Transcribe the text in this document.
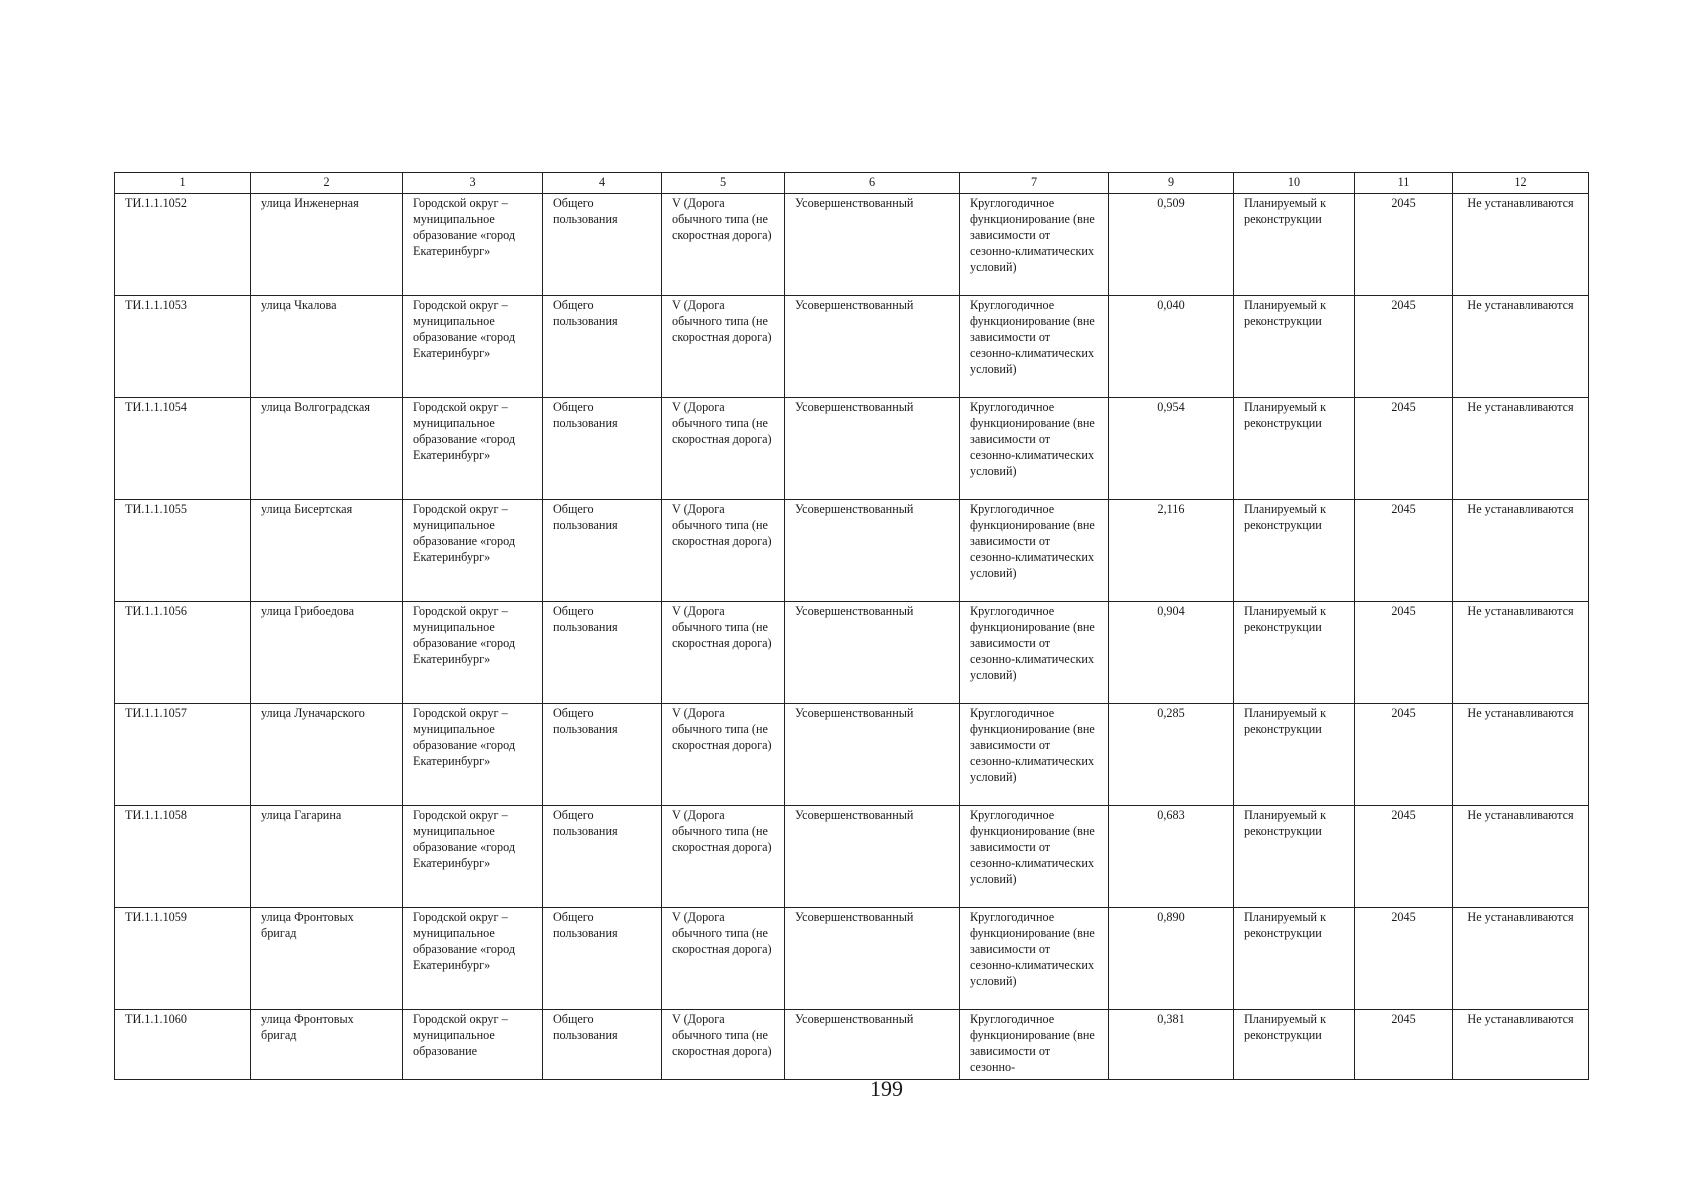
1	2	3	4	5	6	7	9	10	11	12
ТИ.1.1.1052	улица Инженерная	Городской округ – муниципальное образование «город Екатеринбург»	Общего пользования	V (Дорога обычного типа (не скоростная дорога)	Усовершенствованный	Круглогодичное функционирование (вне зависимости от сезонно-климатических условий)	0,509	Планируемый к реконструкции	2045	Не устанавливаются
ТИ.1.1.1053	улица Чкалова	Городской округ – муниципальное образование «город Екатеринбург»	Общего пользования	V (Дорога обычного типа (не скоростная дорога)	Усовершенствованный	Круглогодичное функционирование (вне зависимости от сезонно-климатических условий)	0,040	Планируемый к реконструкции	2045	Не устанавливаются
ТИ.1.1.1054	улица Волгоградская	Городской округ – муниципальное образование «город Екатеринбург»	Общего пользования	V (Дорога обычного типа (не скоростная дорога)	Усовершенствованный	Круглогодичное функционирование (вне зависимости от сезонно-климатических условий)	0,954	Планируемый к реконструкции	2045	Не устанавливаются
ТИ.1.1.1055	улица Бисертская	Городской округ – муниципальное образование «город Екатеринбург»	Общего пользования	V (Дорога обычного типа (не скоростная дорога)	Усовершенствованный	Круглогодичное функционирование (вне зависимости от сезонно-климатических условий)	2,116	Планируемый к реконструкции	2045	Не устанавливаются
ТИ.1.1.1056	улица Грибоедова	Городской округ – муниципальное образование «город Екатеринбург»	Общего пользования	V (Дорога обычного типа (не скоростная дорога)	Усовершенствованный	Круглогодичное функционирование (вне зависимости от сезонно-климатических условий)	0,904	Планируемый к реконструкции	2045	Не устанавливаются
ТИ.1.1.1057	улица Луначарского	Городской округ – муниципальное образование «город Екатеринбург»	Общего пользования	V (Дорога обычного типа (не скоростная дорога)	Усовершенствованный	Круглогодичное функционирование (вне зависимости от сезонно-климатических условий)	0,285	Планируемый к реконструкции	2045	Не устанавливаются
ТИ.1.1.1058	улица Гагарина	Городской округ – муниципальное образование «город Екатеринбург»	Общего пользования	V (Дорога обычного типа (не скоростная дорога)	Усовершенствованный	Круглогодичное функционирование (вне зависимости от сезонно-климатических условий)	0,683	Планируемый к реконструкции	2045	Не устанавливаются
ТИ.1.1.1059	улица Фронтовых бригад	Городской округ – муниципальное образование «город Екатеринбург»	Общего пользования	V (Дорога обычного типа (не скоростная дорога)	Усовершенствованный	Круглогодичное функционирование (вне зависимости от сезонно-климатических условий)	0,890	Планируемый к реконструкции	2045	Не устанавливаются
ТИ.1.1.1060	улица Фронтовых бригад	Городской округ – муниципальное образование	Общего пользования	V (Дорога обычного типа (не скоростная дорога)	Усовершенствованный	Круглогодичное функционирование (вне зависимости от сезонно-	0,381	Планируемый к реконструкции	2045	Не устанавливаются
199
